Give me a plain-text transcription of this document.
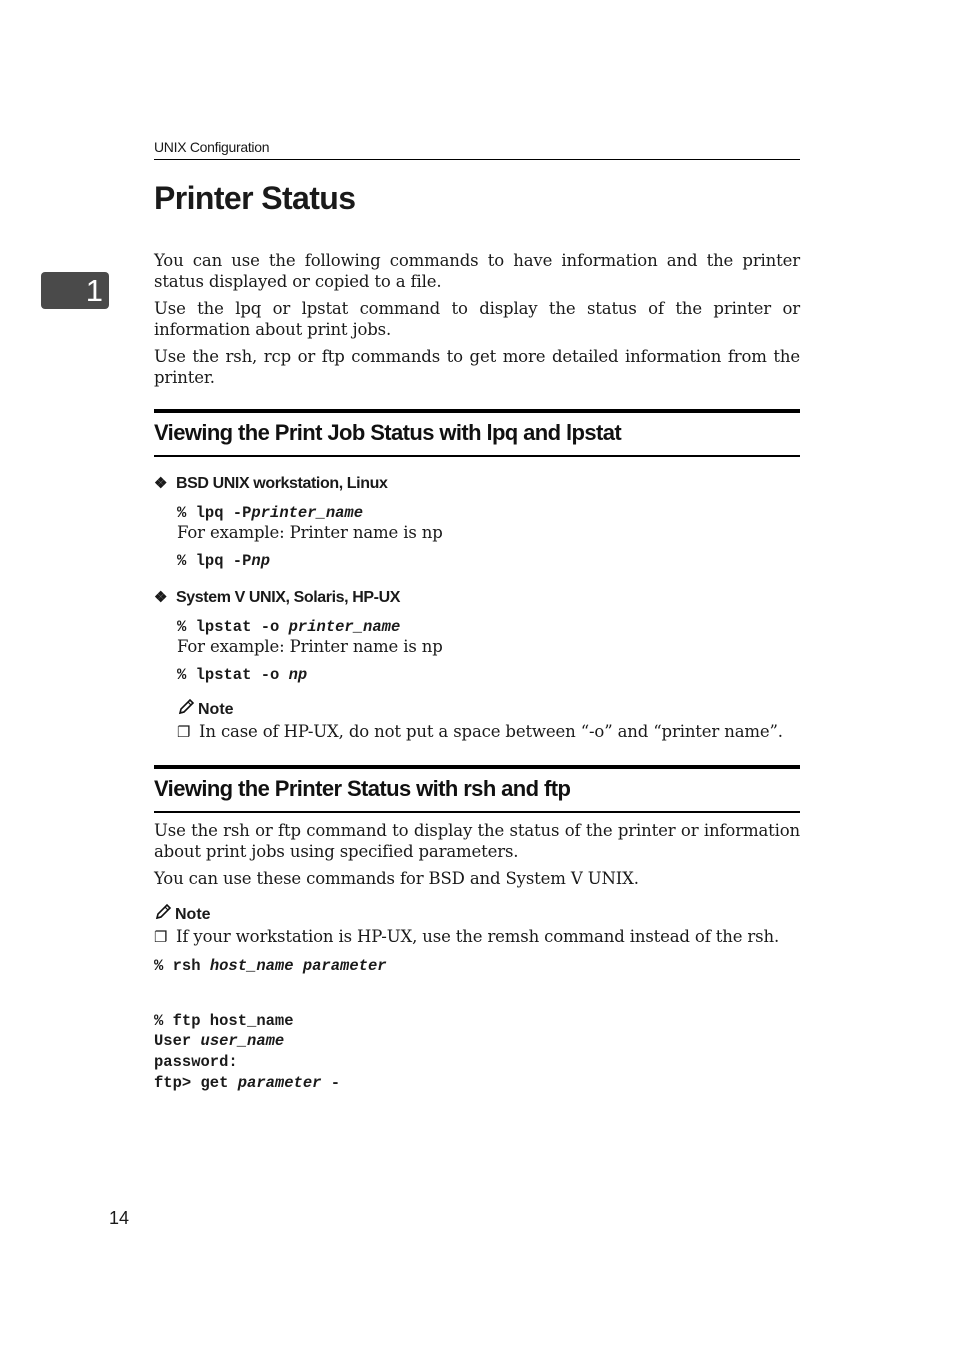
UNIX Configuration
Printer Status
1

You can use the following commands to have information and the printer status displayed or copied to a file.

Use the lpq or lpstat command to display the status of the printer or information about print jobs.

Use the rsh, rcp or ftp commands to get more detailed information from the printer.

Viewing the Print Job Status with lpq and lpstat
❖ BSD UNIX workstation, Linux
% lpq -Pprinter_name
For example: Printer name is np
% lpq -Pnp
❖ System V UNIX, Solaris, HP-UX
% lpstat -o printer_name
For example: Printer name is np
% lpstat -o np
Note
❐ In case of HP-UX, do not put a space between “-o” and “printer name”.
Viewing the Printer Status with rsh and ftp

Use the rsh or ftp command to display the status of the printer or information about print jobs using specified parameters.

You can use these commands for BSD and System V UNIX.

Note
❐ If your workstation is HP-UX, use the remsh command instead of the rsh.
% rsh host_name parameter
% ftp host_name
User user_name
password:
ftp> get parameter -
14
